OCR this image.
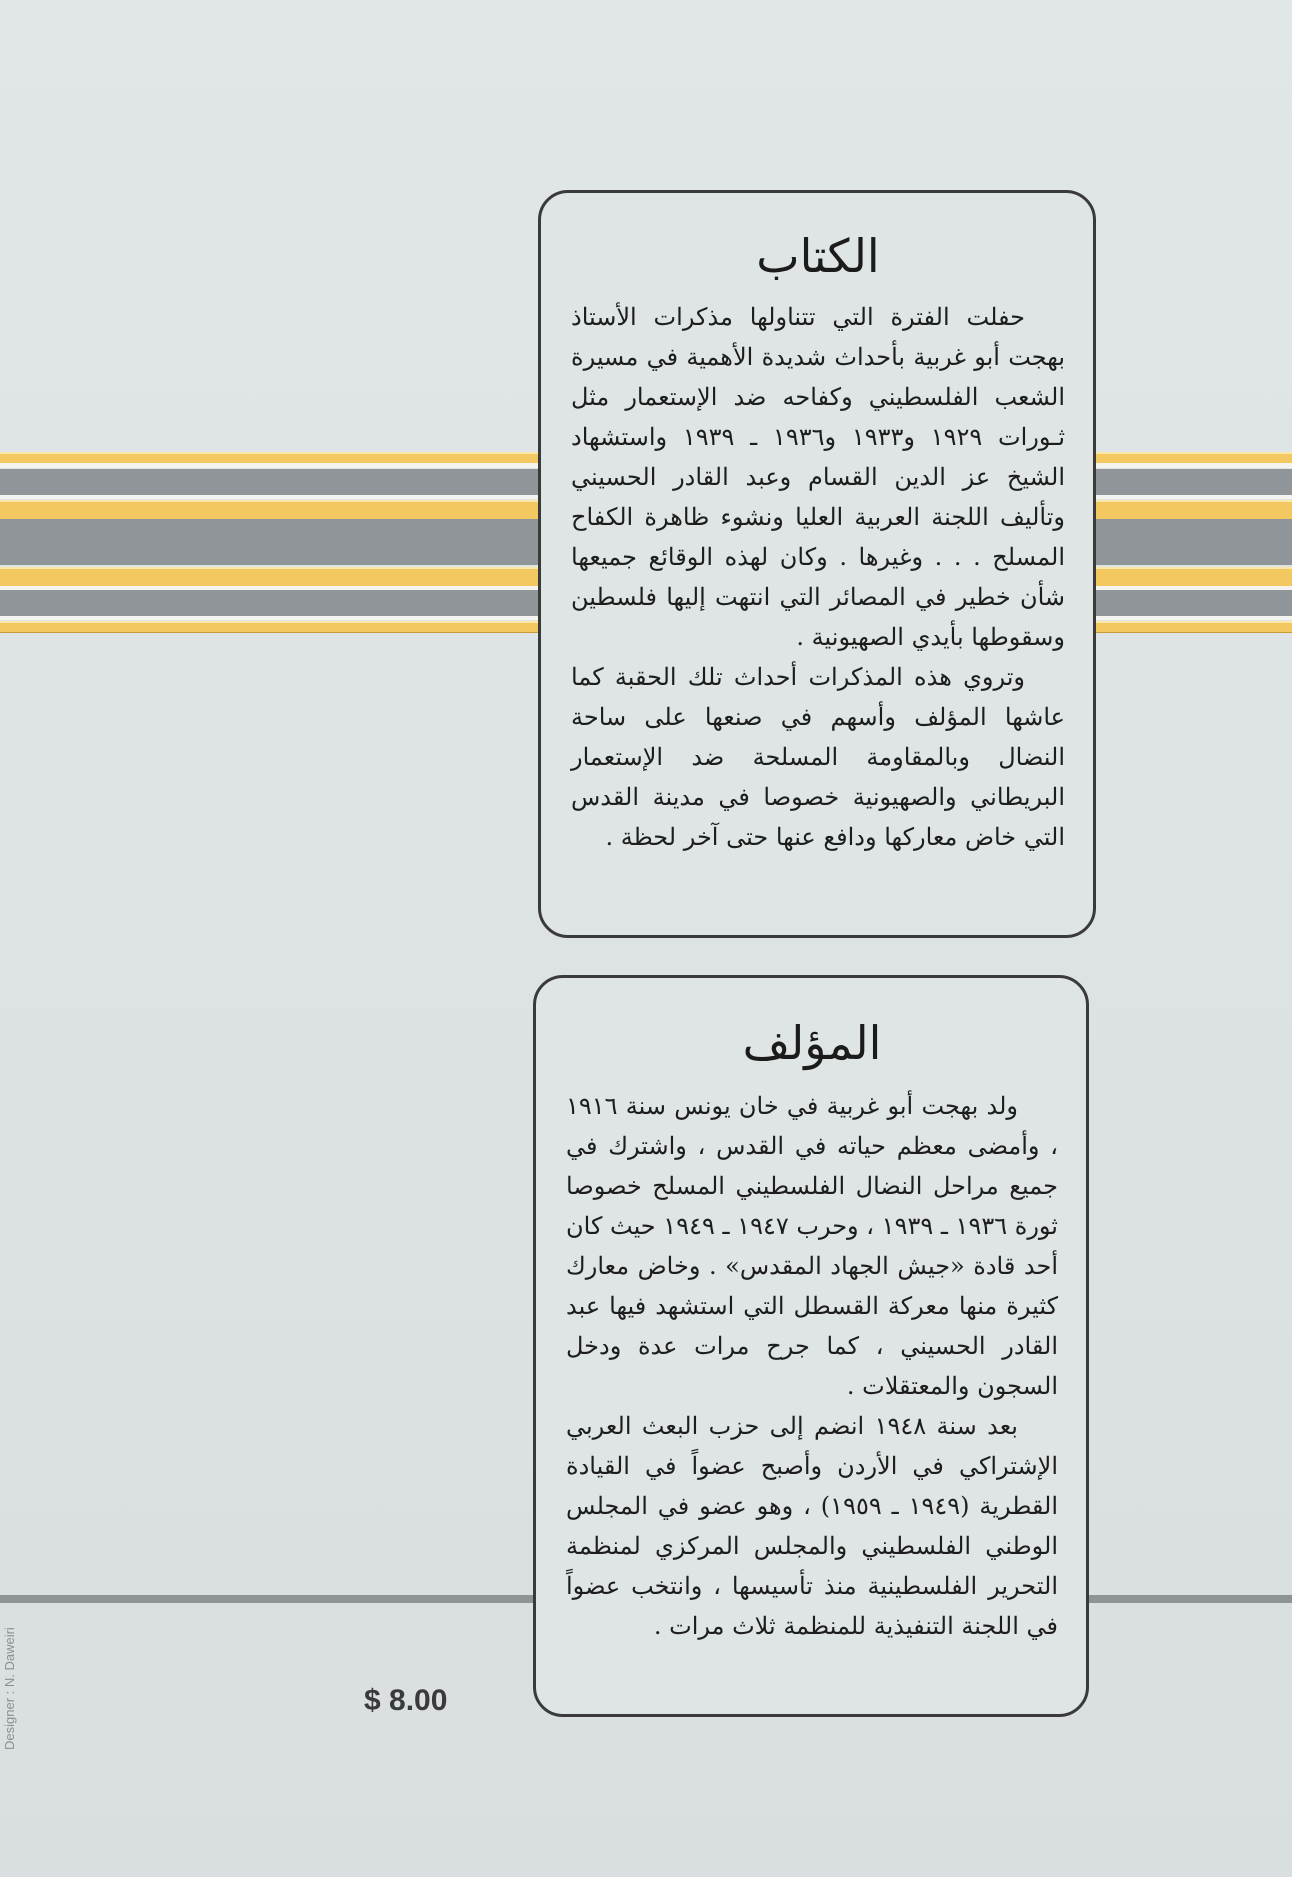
الكتاب

حفلت الفترة التي تتناولها مذكرات الأستاذ بهجت أبو غربية بأحداث شديدة الأهمية في مسيرة الشعب الفلسطيني وكفاحه ضد الإستعمار مثل ثـورات ١٩٢٩ و١٩٣٣ و١٩٣٦ ـ ١٩٣٩ واستشهاد الشيخ عز الدين القسام وعبد القادر الحسيني وتأليف اللجنة العربية العليا ونشوء ظاهرة الكفاح المسلح . . . وغيرها . وكان لهذه الوقائع جميعها شأن خطير في المصائر التي انتهت إليها فلسطين وسقوطها بأيدي الصهيونية .

وتروي هذه المذكرات أحداث تلك الحقبة كما عاشها المؤلف وأسهم في صنعها على ساحة النضال وبالمقاومة المسلحة ضد الإستعمار البريطاني والصهيونية خصوصا في مدينة القدس التي خاض معاركها ودافع عنها حتى آخر لحظة .

المؤلف

ولد بهجت أبو غربية في خان يونس سنة ١٩١٦ ، وأمضى معظم حياته في القدس ، واشترك في جميع مراحل النضال الفلسطيني المسلح خصوصا ثورة ١٩٣٦ ـ ١٩٣٩ ، وحرب ١٩٤٧ ـ ١٩٤٩ حيث كان أحد قادة «جيش الجهاد المقدس» . وخاض معارك كثيرة منها معركة القسطل التي استشهد فيها عبد القادر الحسيني ، كما جرح مرات عدة ودخل السجون والمعتقلات .

بعد سنة ١٩٤٨ انضم إلى حزب البعث العربي الإشتراكي في الأردن وأصبح عضواً في القيادة القطرية (١٩٤٩ ـ ١٩٥٩) ، وهو عضو في المجلس الوطني الفلسطيني والمجلس المركزي لمنظمة التحرير الفلسطينية منذ تأسيسها ، وانتخب عضواً في اللجنة التنفيذية للمنظمة ثلاث مرات .

$ 8.00
Designer : N. Daweiri
